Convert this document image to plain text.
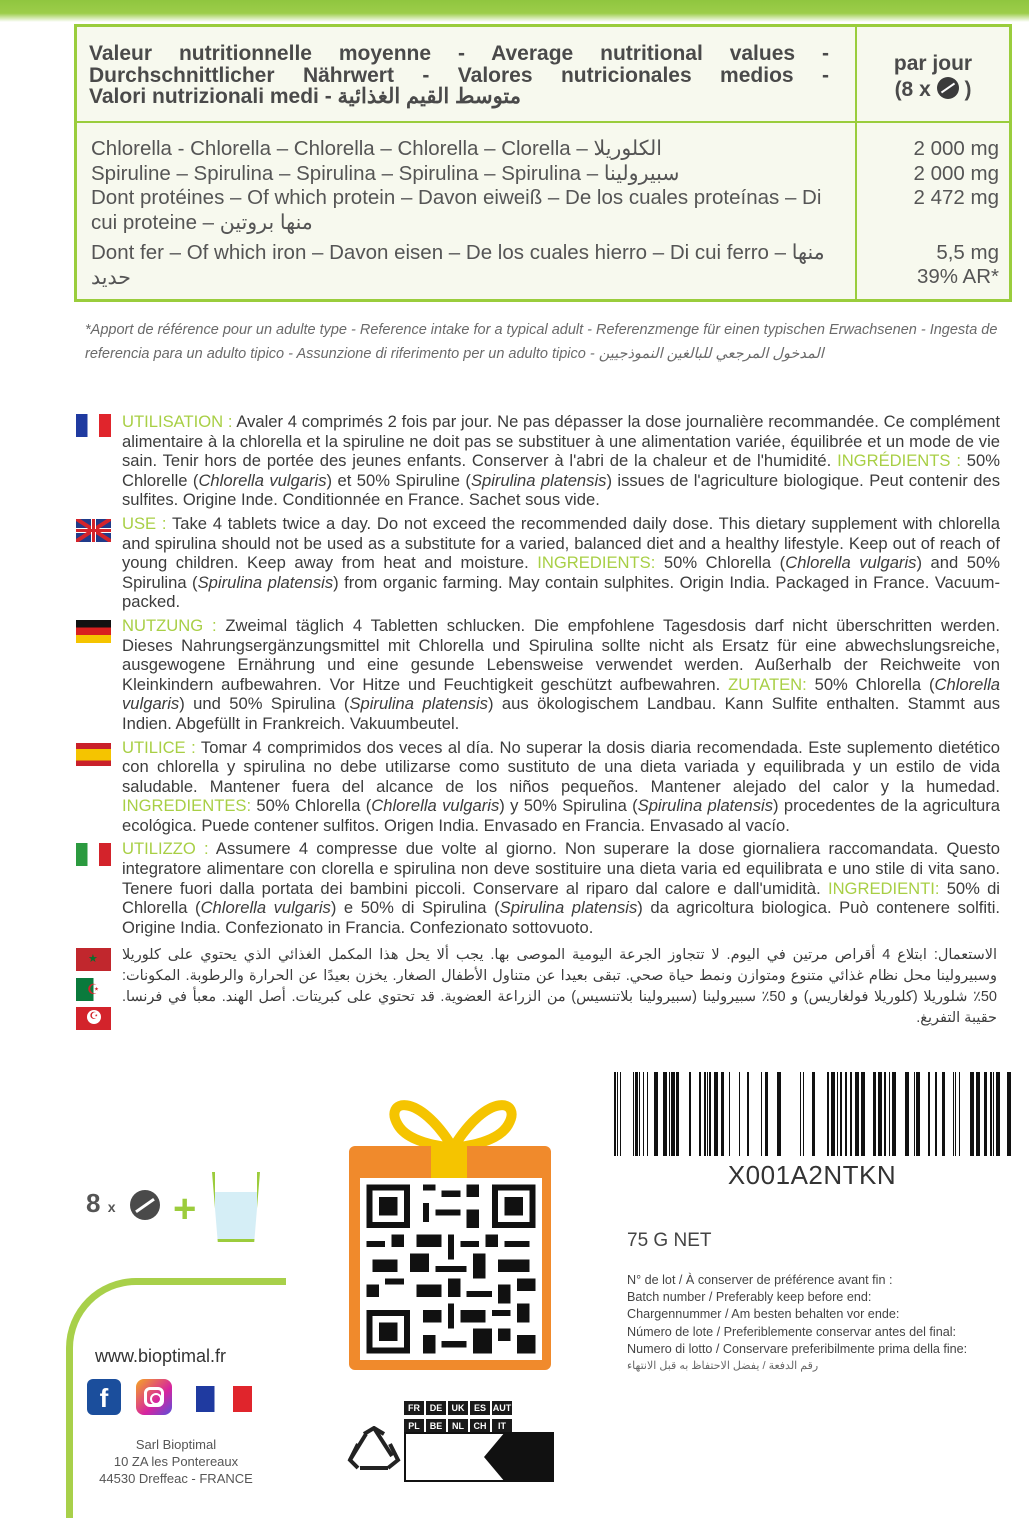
Valeur nutritionnelle moyenne - Average nutritional values -
Durchschnittlicher Nährwert - Valores nutricionales medios -
Valori nutrizionali medi - متوسط القيم الغذائية
par jour
(8 x )
Chlorella - Chlorella – Chlorella – Chlorella – Clorella – الكلوريلا
Spiruline – Spirulina – Spirulina – Spirulina – Spirulina – سبيرولينا
Dont protéines – Of which protein – Davon eiweiß – De los cuales proteínas – Di cui proteine – منها بروتين
Dont fer – Of which iron – Davon eisen – De los cuales hierro – Di cui ferro – منها حديد
2 000 mg
2 000 mg
2 472 mg
5,5 mg
39% AR*
*Apport de référence pour un adulte type - Reference intake for a typical adult - Referenzmenge für einen typischen Erwachsenen - Ingesta de referencia para un adulto tipico - Assunzione di riferimento per un adulto tipico - المدخول المرجعي للبالغين النموذجيين
★
☪
☪

UTILISATION : Avaler 4 comprimés 2 fois par jour. Ne pas dépasser la dose journalière recommandée. Ce complément alimentaire à la chlorella et la spiruline ne doit pas se substituer à une alimentation variée, équilibrée et un mode de vie sain. Tenir hors de portée des jeunes enfants. Conserver à l'abri de la chaleur et de l'humidité. INGRÉDIENTS : 50% Chlorelle (Chlorella vulgaris) et 50% Spiruline (Spirulina platensis) issues de l'agriculture biologique. Peut contenir des sulfites. Origine Inde. Conditionnée en France. Sachet sous vide.

USE : Take 4 tablets twice a day. Do not exceed the recommended daily dose. This dietary supplement with chlorella and spirulina should not be used as a substitute for a varied, balanced diet and a healthy lifestyle. Keep out of reach of young children. Keep away from heat and moisture. INGREDIENTS: 50% Chlorella (Chlorella vulgaris) and 50% Spirulina (Spirulina platensis) from organic farming. May contain sulphites. Origin India. Packaged in France. Vacuum-packed.

NUTZUNG : Zweimal täglich 4 Tabletten schlucken. Die empfohlene Tagesdosis darf nicht überschritten werden. Dieses Nahrungsergänzungsmittel mit Chlorella und Spirulina sollte nicht als Ersatz für eine abwechslungsreiche, ausgewogene Ernährung und eine gesunde Lebensweise verwendet werden. Außerhalb der Reichweite von Kleinkindern aufbewahren. Vor Hitze und Feuchtigkeit geschützt aufbewahren. ZUTATEN: 50% Chlorella (Chlorella vulgaris) und 50% Spirulina (Spirulina platensis) aus ökologischem Landbau. Kann Sulfite enthalten. Stammt aus Indien. Abgefüllt in Frankreich. Vakuumbeutel.

UTILICE : Tomar 4 comprimidos dos veces al día. No superar la dosis diaria recomendada. Este suplemento dietético con chlorella y spirulina no debe utilizarse como sustituto de una dieta variada y equilibrada y un estilo de vida saludable. Mantener fuera del alcance de los niños pequeños. Mantener alejado del calor y la humedad. INGREDIENTES: 50% Chlorella (Chlorella vulgaris) y 50% Spirulina (Spirulina platensis) procedentes de la agricultura ecológica. Puede contener sulfitos. Origen India. Envasado en Francia. Envasado al vacío.

UTILIZZO : Assumere 4 compresse due volte al giorno. Non superare la dose giornaliera raccomandata. Questo integratore alimentare con clorella e spirulina non deve sostituire una dieta varia ed equilibrata e uno stile di vita sano. Tenere fuori dalla portata dei bambini piccoli. Conservare al riparo dal calore e dall'umidità. INGREDIENTI: 50% di Chlorella (Chlorella vulgaris) e 50% di Spirulina (Spirulina platensis) da agricoltura biologica. Può contenere solfiti. Origine India. Confezionato in Francia. Confezionato sottovuoto.

الاستعمال: ابتلاع 4 أقراص مرتين في اليوم. لا تتجاوز الجرعة اليومية الموصى بها. يجب ألا يحل هذا المكمل الغذائي الذي يحتوي على كلوريلا وسبيرولينا محل نظام غذائي متنوع ومتوازن ونمط حياة صحي. تبقى بعيدا عن متناول الأطفال الصغار. يخزن بعيدًا عن الحرارة والرطوبة. المكونات: 50٪ شلوريلا (كلوريلا فولغاريس) و 50٪ سبيرولينا (سبيرولينا بلاتنسيس) من الزراعة العضوية. قد تحتوي على كبريتات. أصل الهند. معبأ في فرنسا. حقيبة التفريغ.
8 x +
www.bioptimal.fr
f
Sarl Bioptimal
10 ZA les Pontereaux
44530 Dreffeac - FRANCE
FR DE UK ES AUT PL BE NL CH IT
X001A2NTKN
75 G NET
N° de lot / À conserver de préférence avant fin :
Batch number / Preferably keep before end:
Chargennummer / Am besten behalten vor ende:
Número de lote / Preferiblemente conservar antes del final:
Numero di lotto / Conservare preferibilmente prima della fine:
رقم الدفعة / يفضل الاحتفاظ به قبل الانتهاء
